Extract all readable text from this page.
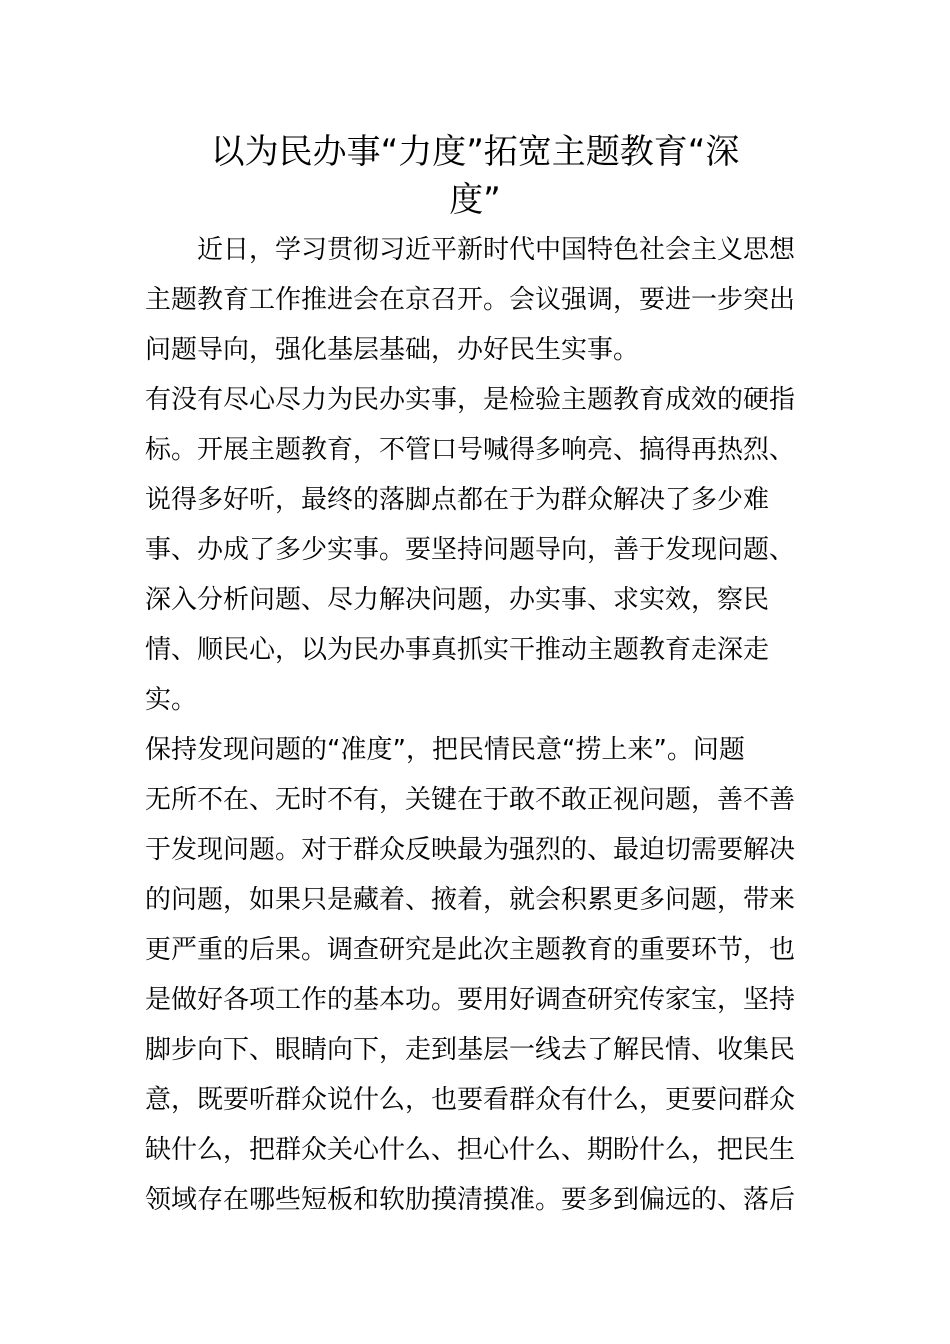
以为民办事“力度”拓宽主题教育“深
度”
　　近日，学习贯彻习近平新时代中国特色社会主义思想
主题教育工作推进会在京召开。会议强调，要进一步突出
问题导向，强化基层基础，办好民生实事。
有没有尽心尽力为民办实事，是检验主题教育成效的硬指
标。开展主题教育，不管口号喊得多响亮、搞得再热烈、
说得多好听，最终的落脚点都在于为群众解决了多少难
事、办成了多少实事。要坚持问题导向，善于发现问题、
深入分析问题、尽力解决问题，办实事、求实效，察民
情、顺民心，以为民办事真抓实干推动主题教育走深走
实。
保持发现问题的“准度”，把民情民意“捞上来”。问题
无所不在、无时不有，关键在于敢不敢正视问题，善不善
于发现问题。对于群众反映最为强烈的、最迫切需要解决
的问题，如果只是藏着、掖着，就会积累更多问题，带来
更严重的后果。调查研究是此次主题教育的重要环节，也
是做好各项工作的基本功。要用好调查研究传家宝，坚持
脚步向下、眼睛向下，走到基层一线去了解民情、收集民
意，既要听群众说什么，也要看群众有什么，更要问群众
缺什么，把群众关心什么、担心什么、期盼什么，把民生
领域存在哪些短板和软肋摸清摸准。要多到偏远的、落后
